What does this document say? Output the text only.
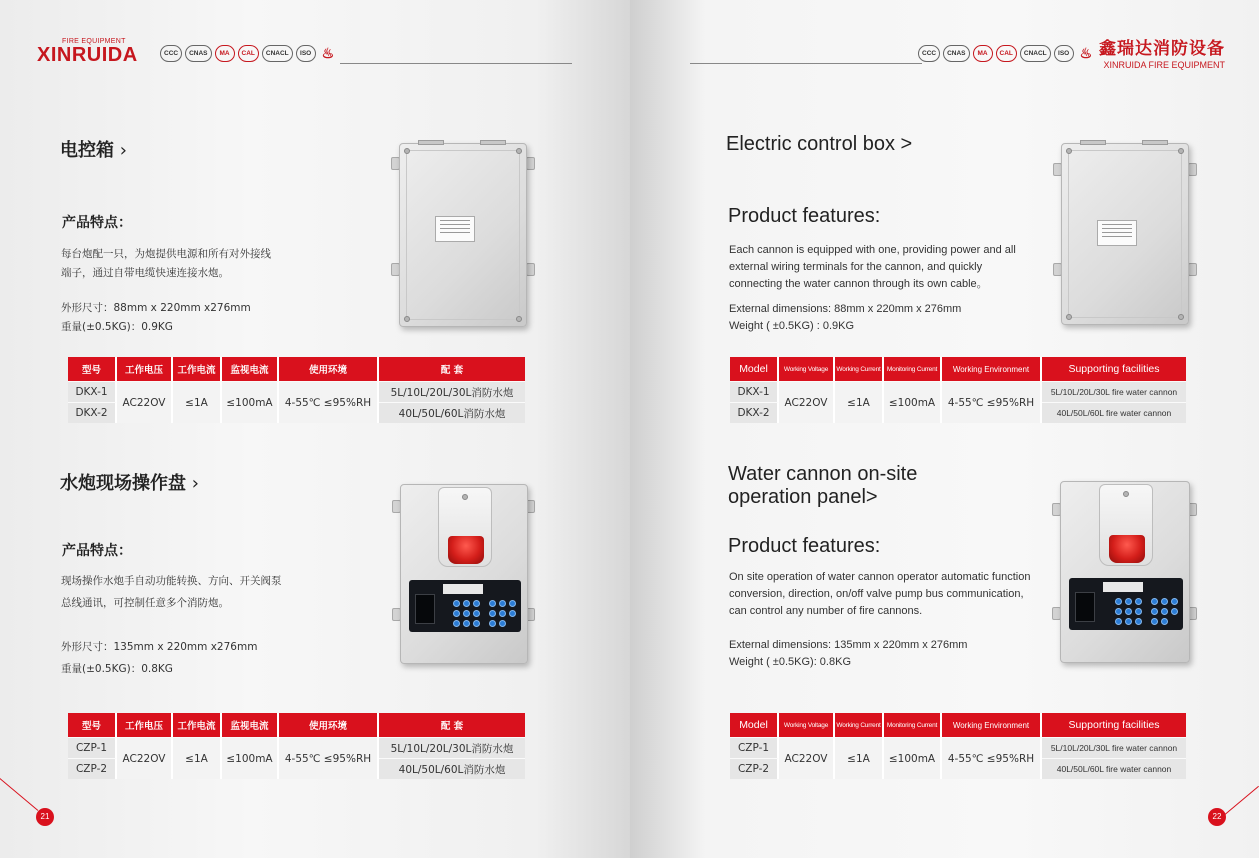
FIRE EQUIPMENT
XINRUIDA	CCC	CNAS	MA	CAL	CNACL	ISO ♨
电控箱 ›
产品特点：
每台炮配一只，为炮提供电源和所有对外接线
端子，通过自带电缆快速连接水炮。
外形尺寸：88mm x 220mm x276mm
重量(±0.5KG)：0.9KG
型号	工作电压	工作电流	监视电流	使用环境	配 套
DKX-1	AC22OV	≤1A	≤100mA	4-55℃ ≤95%RH	5L/10L/20L/30L消防水炮
DKX-2					40L/50L/60L消防水炮
水炮现场操作盘 ›
产品特点：
现场操作水炮手自动功能转换、方向、开关阀泵
总线通讯，可控制任意多个消防炮。
外形尺寸：135mm x 220mm x276mm
重量(±0.5KG)：0.8KG
型号	工作电压	工作电流	监视电流	使用环境	配 套
CZP-1	AC22OV	≤1A	≤100mA	4-55℃ ≤95%RH	5L/10L/20L/30L消防水炮
CZP-2					40L/50L/60L消防水炮
21
CCC	CNAS	MA	CAL	CNACL	ISO ♨ 鑫瑞达消防设备
XINRUIDA FIRE EQUIPMENT
Electric control box >
Product features:
Each cannon is equipped with one, providing power and all
external wiring terminals for the cannon, and quickly
connecting the water cannon through its own cable。
External dimensions: 88mm x 220mm x 276mm
Weight ( ±0.5KG) : 0.9KG
Model	Working Voltage	Working Current	Monitoring Current	Working Environment	Supporting facilities
DKX-1	AC22OV	≤1A	≤100mA	4-55℃ ≤95%RH	5L/10L/20L/30L fire water cannon
DKX-2					40L/50L/60L fire water cannon
Water cannon on-site
operation panel>
Product features:
On site operation of water cannon operator automatic function
conversion, direction, on/off valve pump bus communication,
can control any number of fire cannons.
External dimensions: 135mm x 220mm x 276mm
Weight ( ±0.5KG): 0.8KG
Model	Working Voltage	Working Current	Monitoring Current	Working Environment	Supporting facilities
CZP-1	AC22OV	≤1A	≤100mA	4-55℃ ≤95%RH	5L/10L/20L/30L fire water cannon
CZP-2					40L/50L/60L fire water cannon
22
